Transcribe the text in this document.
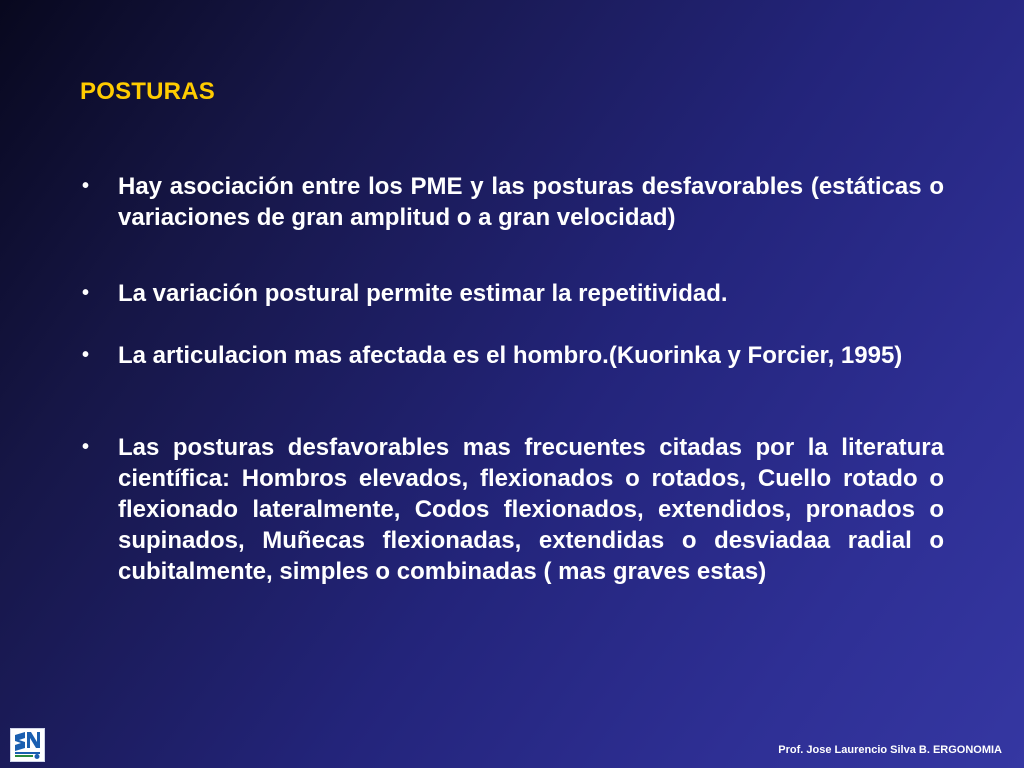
POSTURAS
•	Hay asociación entre los PME y las posturas desfavorables (estáticas o variaciones de gran amplitud o a gran velocidad)
•	La variación postural permite estimar la repetitividad.
•	La articulacion mas afectada es el hombro.(Kuorinka y Forcier, 1995)
•	Las posturas desfavorables mas frecuentes citadas por la literatura científica: Hombros elevados, flexionados o rotados, Cuello rotado o flexionado lateralmente, Codos flexionados, extendidos, pronados o supinados, Muñecas flexionadas, extendidas o desviadaa radial o cubitalmente, simples o combinadas ( mas graves estas)
Prof. Jose Laurencio Silva B. ERGONOMIA
